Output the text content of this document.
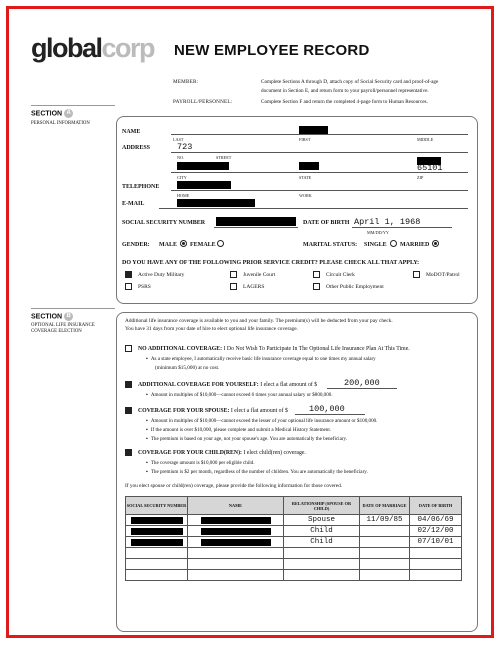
globalcorp NEW EMPLOYEE RECORD
MEMBER:	Complete Sections A through D, attach copy of Social Security card and proof-of-age
document in Section E, and return form to your payroll/personnel representative.
PAYROLL/PERSONNEL:	Complete Section F and return the completed 4-page form to Human Resources.
SECTION A
PERSONAL INFORMATION
NAME
LAST	FIRST	MIDDLE
ADDRESS	723
NO.	STREET
65101
CITY	STATE	ZIP
TELEPHONE
HOME	WORK
E-MAIL
SOCIAL SECURITY NUMBER	DATE OF BIRTH April 1, 1968
MM/DD/YY
GENDER: MALE FEMALE	MARITAL STATUS: SINGLE MARRIED
DO YOU HAVE ANY OF THE FOLLOWING PRIOR SERVICE CREDIT? PLEASE CHECK ALL THAT APPLY:
Active Duty Military	Juvenile Court	Circuit Clerk	MoDOT/Patrol
PSRS	LAGERS	Other Public Employment
SECTION B
OPTIONAL LIFE INSURANCE
COVERAGE ELECTION
Additional life insurance coverage is available to you and your family. The premium(s) will be deducted from your pay check.
You have 31 days from your date of hire to elect optional life insurance coverage.
NO ADDITIONAL COVERAGE: I Do Not Wish To Participate In The Optional Life Insurance Plan At This Time.
▪ As a state employee, I automatically receive basic life insurance coverage equal to one times my annual salary
(minimum $15,000) at no cost.
ADDITIONAL COVERAGE FOR YOURSELF: I elect a flat amount of $	200,000
▪ Amount in multiples of $10,000—cannot exceed 6 times your annual salary or $800,000.
COVERAGE FOR YOUR SPOUSE: I elect a flat amount of $ 100,000
▪ Amount in multiples of $10,000—cannot exceed the lesser of your optional life insurance amount or $100,000.
▪ If the amount is over $10,000, please complete and submit a Medical History Statement.
▪ The premium is based on your age, not your spouse's age. You are automatically the beneficiary.
COVERAGE FOR YOUR CHILD(REN): I elect child(ren) coverage.
▪ The coverage amount is $10,000 per eligible child.
▪ The premium is $2 per month, regardless of the number of children. You are automatically the beneficiary.
If you elect spouse or child(ren) coverage, please provide the following information for those covered.
SOCIAL SECURITY NUMBER	NAME	RELATIONSHIP (SPOUSE OR CHILD)	DATE OF MARRIAGE	DATE OF BIRTH
		Spouse	11/09/85	04/06/69
		Child		02/12/00
		Child		07/10/01
